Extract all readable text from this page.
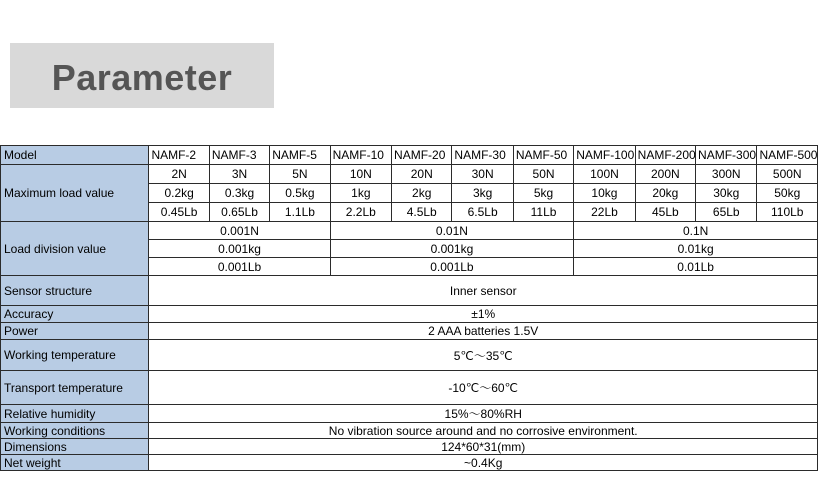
Parameter
Model	NAMF-2	NAMF-3	NAMF-5	NAMF-10	NAMF-20	NAMF-30	NAMF-50	NAMF-100	NAMF-200	NAMF-300	NAMF-500
Maximum load value	2N	3N	5N	10N	20N	30N	50N	100N	200N	300N	500N
	0.2kg	0.3kg	0.5kg	1kg	2kg	3kg	5kg	10kg	20kg	30kg	50kg
	0.45Lb	0.65Lb	1.1Lb	2.2Lb	4.5Lb	6.5Lb	11Lb	22Lb	45Lb	65Lb	110Lb
Load division value	0.001N			0.01N				0.1N			
	0.001kg			0.001kg				0.01kg			
	0.001Lb			0.001Lb				0.01Lb			
Sensor structure	Inner sensor										
Accuracy	±1%										
Power	2 AAA batteries 1.5V										
Working temperature	5℃～35℃										
Transport temperature	-10℃～60℃										
Relative humidity	15%～80%RH										
Working conditions	No vibration source around and no corrosive environment.										
Dimensions	124*60*31(mm)										
Net weight	~0.4Kg										
